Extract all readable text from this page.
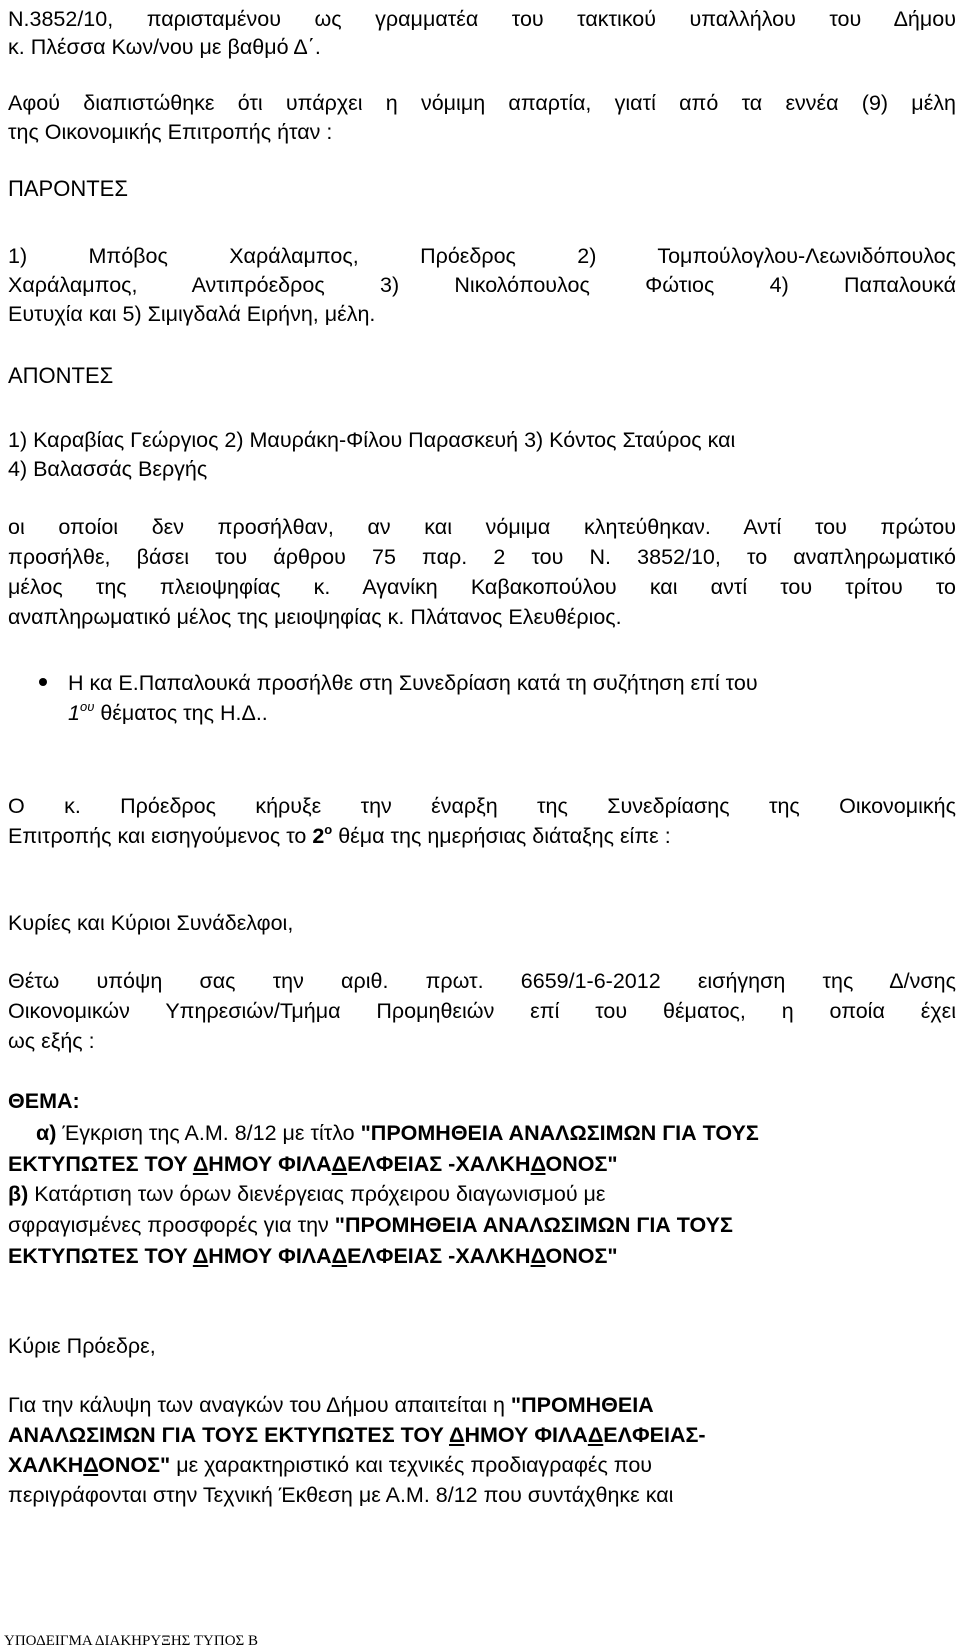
Ν.3852/10, παρισταμένου ως γραμματέα του τακτικού υπαλλήλου του Δήμου
κ. Πλέσσα Κων/νου με βαθμό Δ΄.
Αφού διαπιστώθηκε ότι υπάρχει η νόμιμη απαρτία, γιατί από τα εννέα (9) μέλη
της Οικονομικής Επιτροπής ήταν :
ΠΑΡΟΝΤΕΣ
1) Μπόβος Χαράλαμπος, Πρόεδρος 2) Τομπούλογλου-Λεωνιδόπουλος
Χαράλαμπος, Αντιπρόεδρος 3) Νικολόπουλος Φώτιος 4) Παπαλουκά
Ευτυχία και 5) Σιμιγδαλά Ειρήνη, μέλη.
ΑΠΟΝΤΕΣ
1) Καραβίας Γεώργιος 2) Μαυράκη-Φίλου Παρασκευή 3) Κόντος Σταύρος και
4) Βαλασσάς Βεργής
οι οποίοι δεν προσήλθαν, αν και νόμιμα κλητεύθηκαν. Αντί του πρώτου
προσήλθε, βάσει του άρθρου 75 παρ. 2 του Ν. 3852/10, το αναπληρωματικό
μέλος της πλειοψηφίας κ. Αγανίκη Καβακοπούλου και αντί του τρίτου το
αναπληρωματικό μέλος της μειοψηφίας κ. Πλάτανος Ελευθέριος.
Η κα Ε.Παπαλουκά προσήλθε στη Συνεδρίαση κατά τη συζήτηση επί του
$1^{o\upsilon}$ θέματος της Η.Δ..
Ο κ. Πρόεδρος κήρυξε την έναρξη της Συνεδρίασης της Οικονομικής
Επιτροπής και εισηγούμενος το $2^o$ θέμα της ημερήσιας διάταξης είπε :
Κυρίες και Κύριοι Συνάδελφοι,
Θέτω υπόψη σας την αριθ. πρωτ. 6659/1-6-2012 εισήγηση της Δ/νσης
Οικονομικών Υπηρεσιών/Τμήμα Προμηθειών επί του θέματος, η οποία έχει
ως εξής :
ΘΕΜΑ:
α) Έγκριση της Α.Μ. 8/12 με τίτλο "ΠΡΟΜΗΘΕΙΑ ΑΝΑΛΩΣΙΜΩΝ ΓΙΑ ΤΟΥΣ
ΕΚΤΥΠΩΤΕΣ ΤΟΥ ΔΗΜΟΥ ΦΙΛΑΔΕΛΦΕΙΑΣ -ΧΑΛΚΗΔΟΝΟΣ"
β) Κατάρτιση των όρων διενέργειας πρόχειρου διαγωνισμού με
σφραγισμένες προσφορές για την "ΠΡΟΜΗΘΕΙΑ ΑΝΑΛΩΣΙΜΩΝ ΓΙΑ ΤΟΥΣ
ΕΚΤΥΠΩΤΕΣ ΤΟΥ ΔΗΜΟΥ ΦΙΛΑΔΕΛΦΕΙΑΣ -ΧΑΛΚΗΔΟΝΟΣ"
Κύριε Πρόεδρε,
Για την κάλυψη των αναγκών του Δήμου απαιτείται η "ΠΡΟΜΗΘΕΙΑ
ΑΝΑΛΩΣΙΜΩΝ ΓΙΑ ΤΟΥΣ ΕΚΤΥΠΩΤΕΣ ΤΟΥ ΔΗΜΟΥ ΦΙΛΑΔΕΛΦΕΙΑΣ-
ΧΑΛΚΗΔΟΝΟΣ" με χαρακτηριστικό και τεχνικές προδιαγραφές που
περιγράφονται στην Τεχνική Έκθεση με Α.Μ. 8/12 που συντάχθηκε και
ΥΠΟΔΕΙΓΜΑ ΔΙΑΚΗΡΥΞΗΣ ΤΥΠΟΣ Β
